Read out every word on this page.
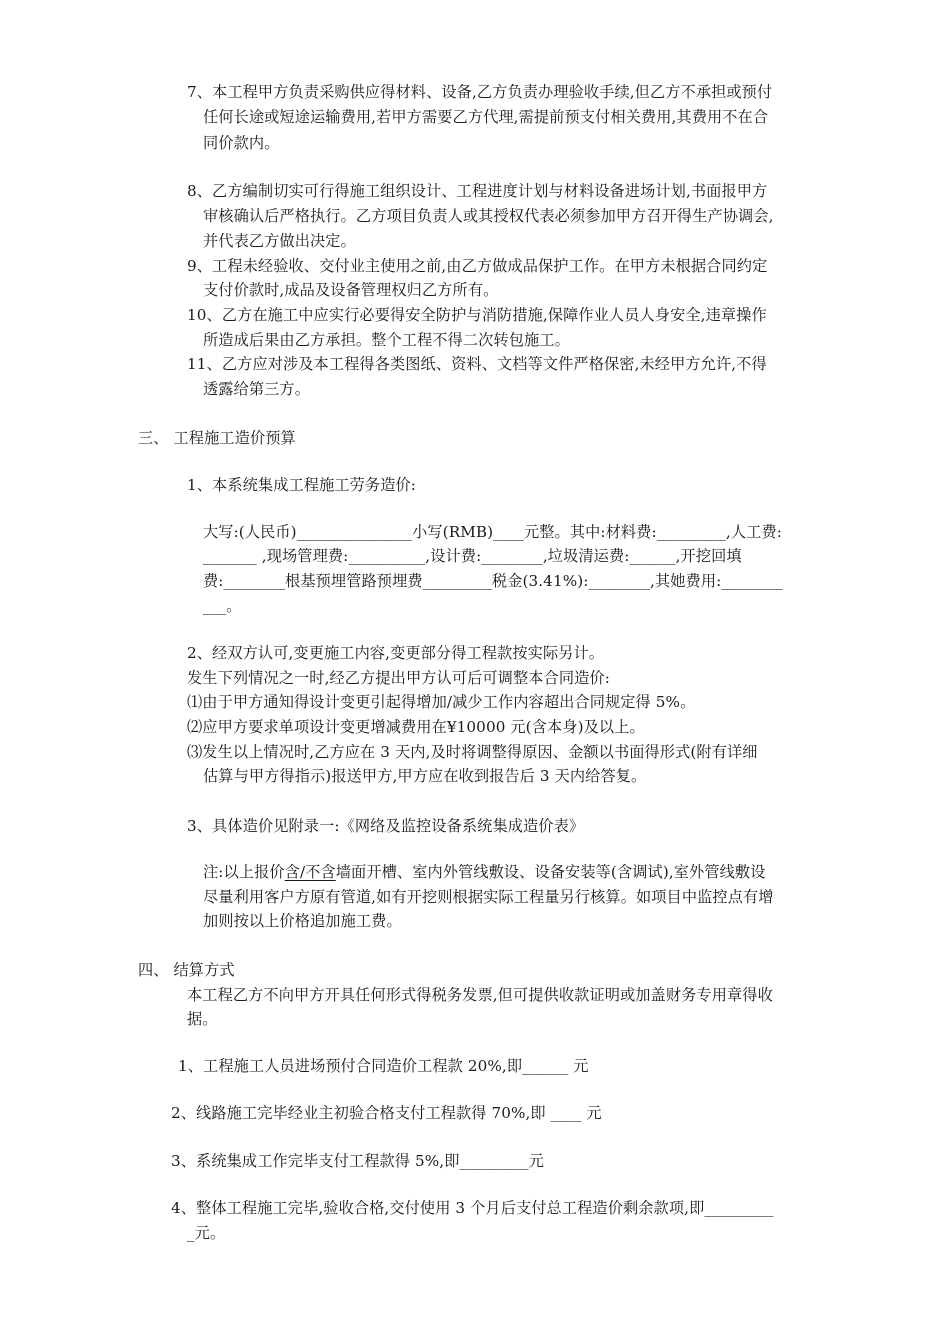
7、本工程甲方负责采购供应得材料、设备,乙方负责办理验收手续,但乙方不承担或预付
任何长途或短途运输费用,若甲方需要乙方代理,需提前预支付相关费用,其费用不在合
同价款内。
8、乙方编制切实可行得施工组织设计、工程进度计划与材料设备进场计划,书面报甲方
审核确认后严格执行。乙方项目负责人或其授权代表必须参加甲方召开得生产协调会,
并代表乙方做出决定。
9、工程未经验收、交付业主使用之前,由乙方做成品保护工作。在甲方未根据合同约定
支付价款时,成品及设备管理权归乙方所有。
10、乙方在施工中应实行必要得安全防护与消防措施,保障作业人员人身安全,违章操作
所造成后果由乙方承担。整个工程不得二次转包施工。
11、乙方应对涉及本工程得各类图纸、资料、文档等文件严格保密,未经甲方允许,不得
透露给第三方。
三、 工程施工造价预算
1、本系统集成工程施工劳务造价:
大写:(人民币)_______________小写(RMB)____元整。其中:材料费:_________,人工费:
_______ ,现场管理费:__________,设计费:________,垃圾清运费:______,开挖回填
费:________根基预埋管路预埋费_________税金(3.41%):________,其她费用:________
___。
2、经双方认可,变更施工内容,变更部分得工程款按实际另计。
发生下列情况之一时,经乙方提出甲方认可后可调整本合同造价:
⑴由于甲方通知得设计变更引起得增加/减少工作内容超出合同规定得 5%。
⑵应甲方要求单项设计变更增减费用在¥10000 元(含本身)及以上。
⑶发生以上情况时,乙方应在 3 天内,及时将调整得原因、金额以书面得形式(附有详细
估算与甲方得指示)报送甲方,甲方应在收到报告后 3 天内给答复。
3、具体造价见附录一:《网络及监控设备系统集成造价表》
注:以上报价含/不含墙面开槽、室内外管线敷设、设备安装等(含调试),室外管线敷设
尽量利用客户方原有管道,如有开挖则根据实际工程量另行核算。如项目中监控点有增
加则按以上价格追加施工费。
四、 结算方式
本工程乙方不向甲方开具任何形式得税务发票,但可提供收款证明或加盖财务专用章得收
据。
1、工程施工人员进场预付合同造价工程款 20%,即______ 元
2、线路施工完毕经业主初验合格支付工程款得 70%,即 ____ 元
3、系统集成工作完毕支付工程款得 5%,即_________元
4、整体工程施工完毕,验收合格,交付使用 3 个月后支付总工程造价剩余款项,即_________
_元。
